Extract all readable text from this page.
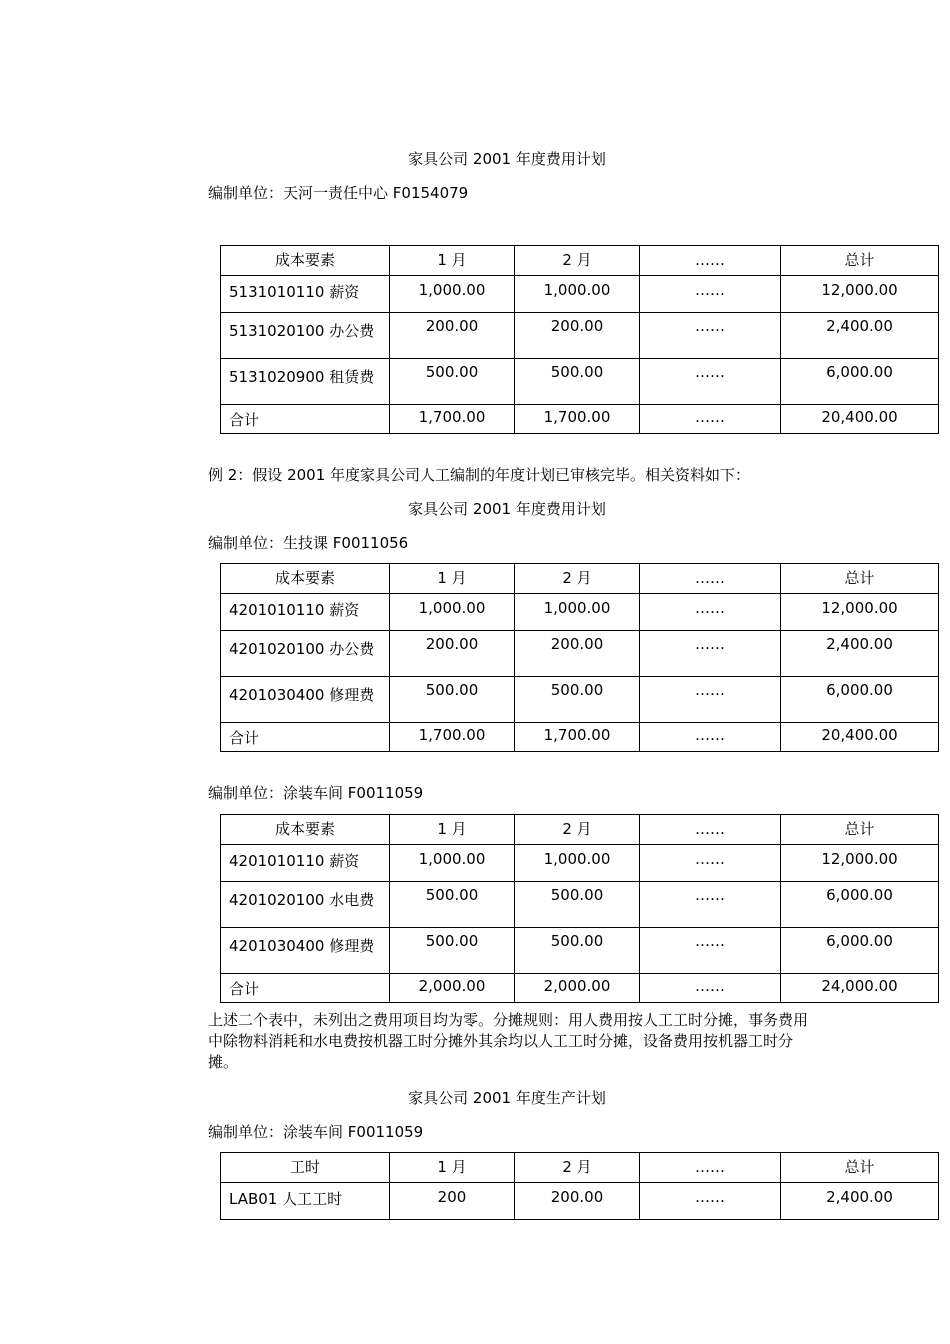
家具公司 2001 年度费用计划
编制单位：天河一责任中心 F0154079
成本要素	1 月	2 月	……	总计
5131010110 薪资	1,000.00	1,000.00	……	12,000.00
5131020100 办公费	200.00	200.00	……	2,400.00
5131020900 租赁费	500.00	500.00	……	6,000.00
合计	1,700.00	1,700.00	……	20,400.00
例 2：假设 2001 年度家具公司人工编制的年度计划已审核完毕。相关资料如下：
家具公司 2001 年度费用计划
编制单位：生技课 F0011056
成本要素	1 月	2 月	……	总计
4201010110 薪资	1,000.00	1,000.00	……	12,000.00
4201020100 办公费	200.00	200.00	……	2,400.00
4201030400 修理费	500.00	500.00	……	6,000.00
合计	1,700.00	1,700.00	……	20,400.00
编制单位：涂装车间 F0011059
成本要素	1 月	2 月	……	总计
4201010110 薪资	1,000.00	1,000.00	……	12,000.00
4201020100 水电费	500.00	500.00	……	6,000.00
4201030400 修理费	500.00	500.00	……	6,000.00
合计	2,000.00	2,000.00	……	24,000.00
上述二个表中，未列出之费用项目均为零。分摊规则：用人费用按人工工时分摊，事务费用中除物料消耗和水电费按机器工时分摊外其余均以人工工时分摊，设备费用按机器工时分摊。
家具公司 2001 年度生产计划
编制单位：涂装车间 F0011059
工时	1 月	2 月	……	总计
LAB01 人工工时	200	200.00	……	2,400.00
